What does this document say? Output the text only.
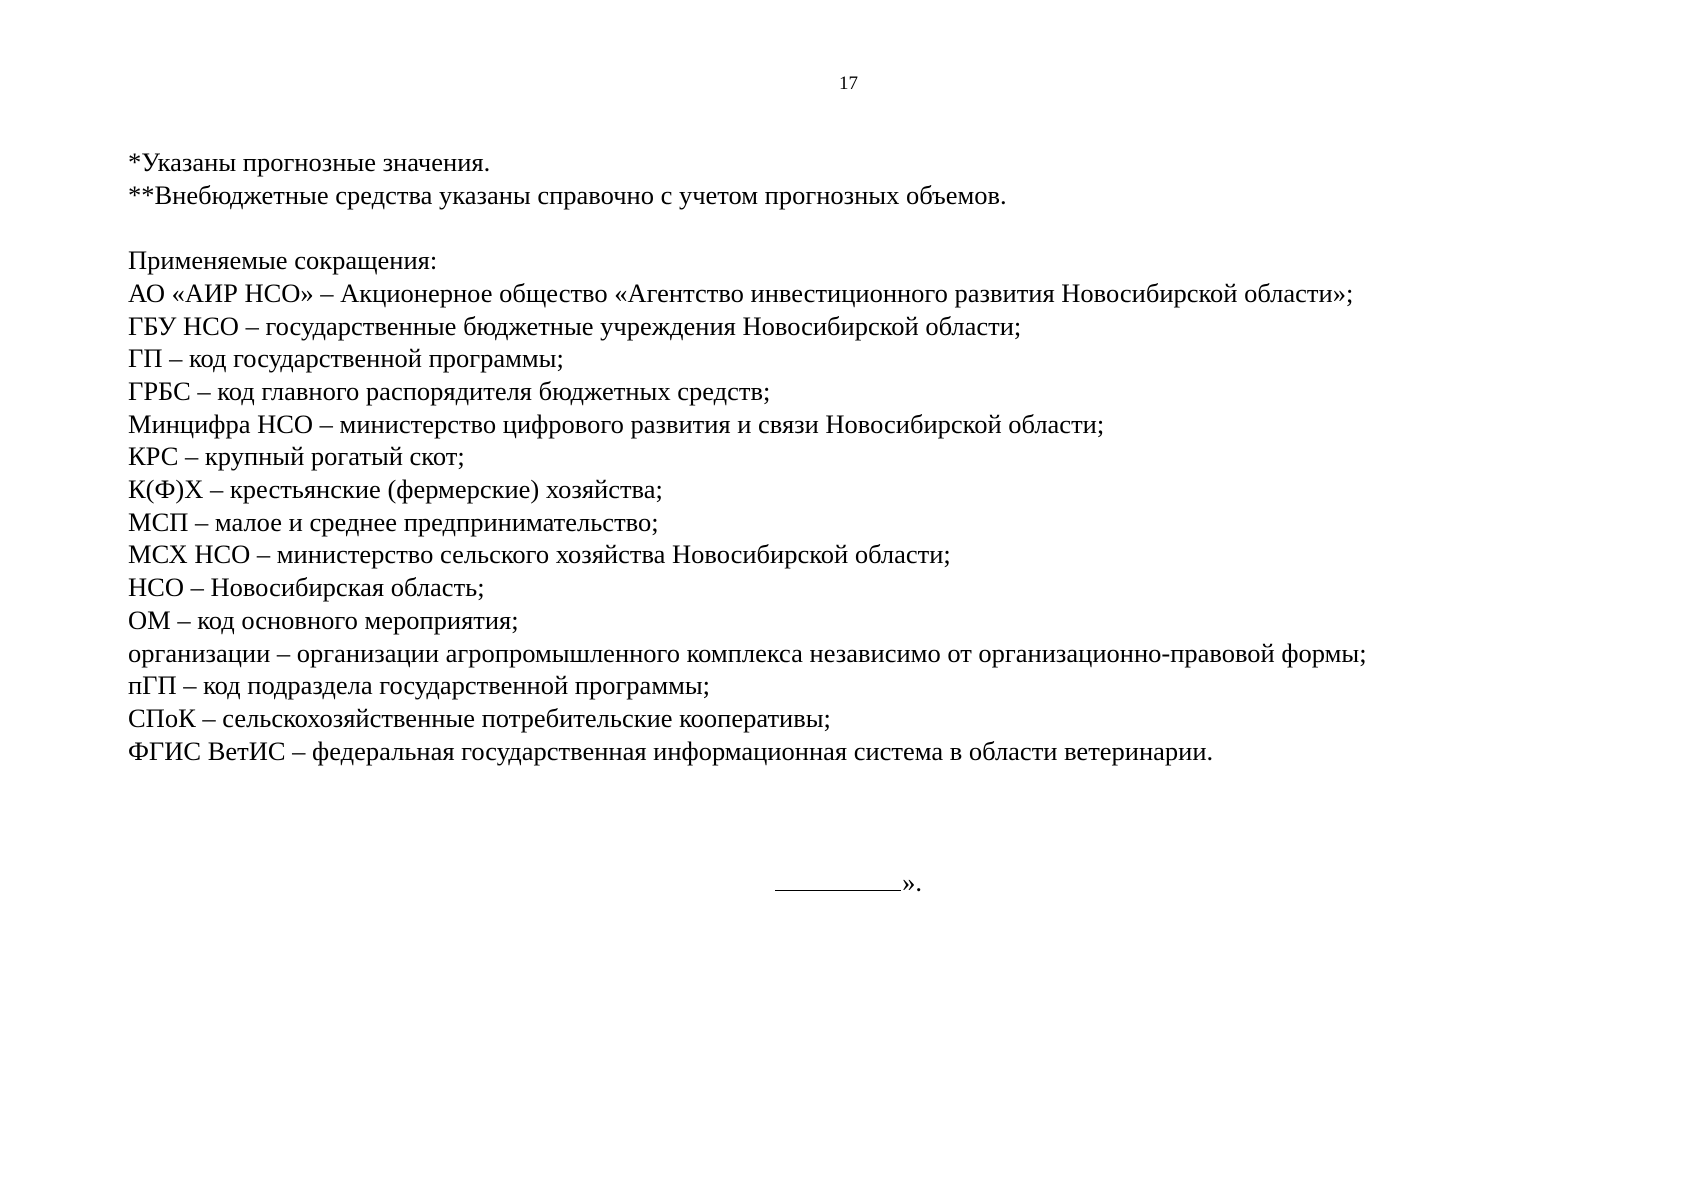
17
*Указаны прогнозные значения.
**Внебюджетные средства указаны справочно с учетом прогнозных объемов.
Применяемые сокращения:
АО «АИР НСО» – Акционерное общество «Агентство инвестиционного развития Новосибирской области»;
ГБУ НСО – государственные бюджетные учреждения Новосибирской области;
ГП – код государственной программы;
ГРБС – код главного распорядителя бюджетных средств;
Минцифра НСО – министерство цифрового развития и связи Новосибирской области;
КРС – крупный рогатый скот;
К(Ф)Х – крестьянские (фермерские) хозяйства;
МСП – малое и среднее предпринимательство;
МСХ НСО – министерство сельского хозяйства Новосибирской области;
НСО – Новосибирская область;
ОМ – код основного мероприятия;
организации – организации агропромышленного комплекса независимо от организационно-правовой формы;
пГП – код подраздела государственной программы;
СПоК – сельскохозяйственные потребительские кооперативы;
ФГИС ВетИС – федеральная государственная информационная система в области ветеринарии.
».
